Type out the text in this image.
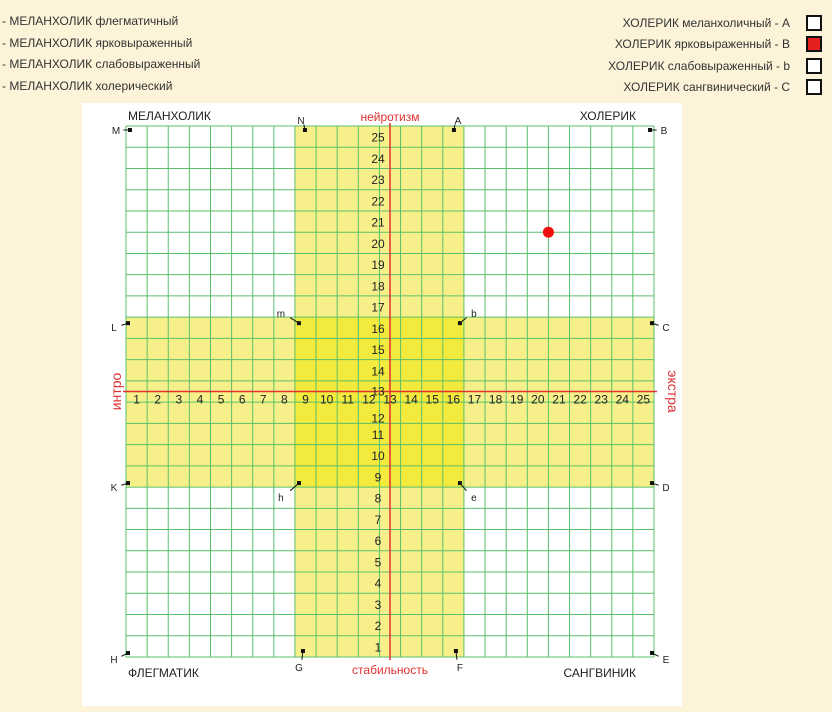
- МЕЛАНХОЛИК флегматичный
- МЕЛАНХОЛИК ярковыраженный
- МЕЛАНХОЛИК слабовыраженный
- МЕЛАНХОЛИК холерический
ХОЛЕРИК меланхоличный - A
ХОЛЕРИК ярковыраженный - B
ХОЛЕРИК слабовыраженный - b
ХОЛЕРИК сангвинический - C
1 2 3 4 5 6 7 8 9 10 11 12 13 14 15 16 17 18 19 20 21 22 23 24 25
1
2
3
4
5
6
7
8
9
10
11
12
13
14
15
16
17
18
19
20
21
22
23
24
25
нейротизм
стабильность
интро	экстра
МЕЛАНХОЛИК	ХОЛЕРИК
ФЛЕГМАТИК	САНГВИНИК
M
N	A
B
L
m	b
C
K
h	e
D
H
G	F
E
